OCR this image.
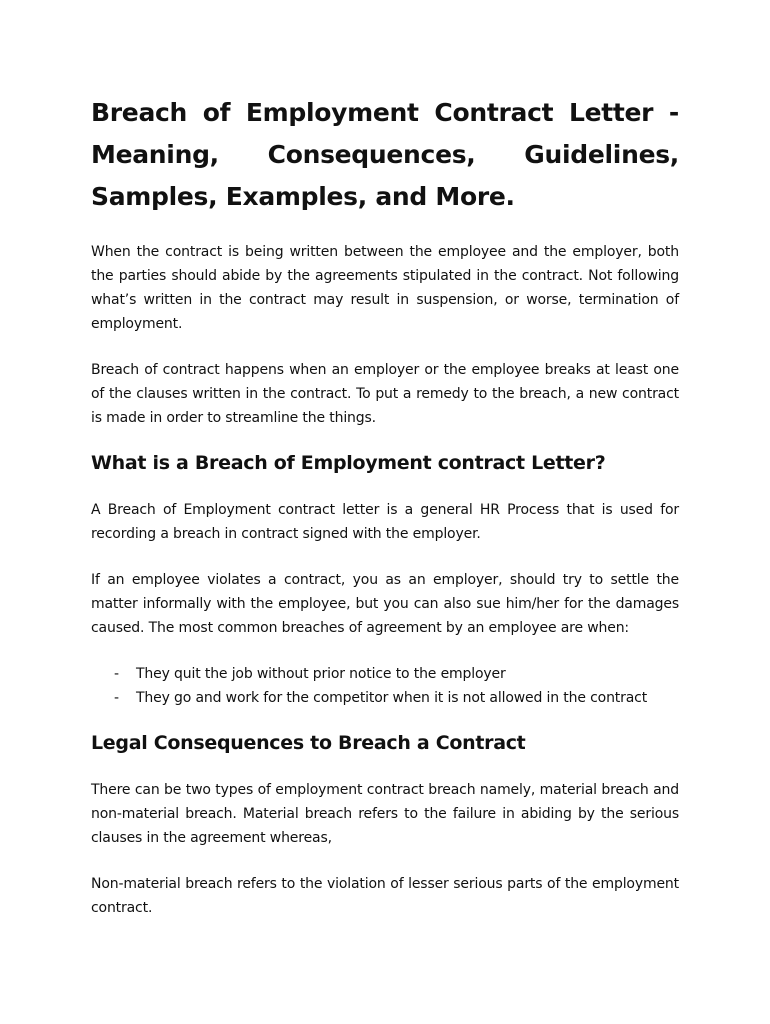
Breach of Employment Contract Letter - Meaning, Consequences, Guidelines, Samples, Examples, and More.

When the contract is being written between the employee and the employer, both the parties should abide by the agreements stipulated in the contract. Not following what’s written in the contract may result in suspension, or worse, termination of employment.

Breach of contract happens when an employer or the employee breaks at least one of the clauses written in the contract. To put a remedy to the breach, a new contract is made in order to streamline the things.

What is a Breach of Employment contract Letter?

A Breach of Employment contract letter is a general HR Process that is used for recording a breach in contract signed with the employer.

If an employee violates a contract, you as an employer, should try to settle the matter informally with the employee, but you can also sue him/her for the damages caused. The most common breaches of agreement by an employee are when:

- They quit the job without prior notice to the employer
- They go and work for the competitor when it is not allowed in the contract
Legal Consequences to Breach a Contract

There can be two types of employment contract breach namely, material breach and non-material breach. Material breach refers to the failure in abiding by the serious clauses in the agreement whereas,

Non-material breach refers to the violation of lesser serious parts of the employment contract.
